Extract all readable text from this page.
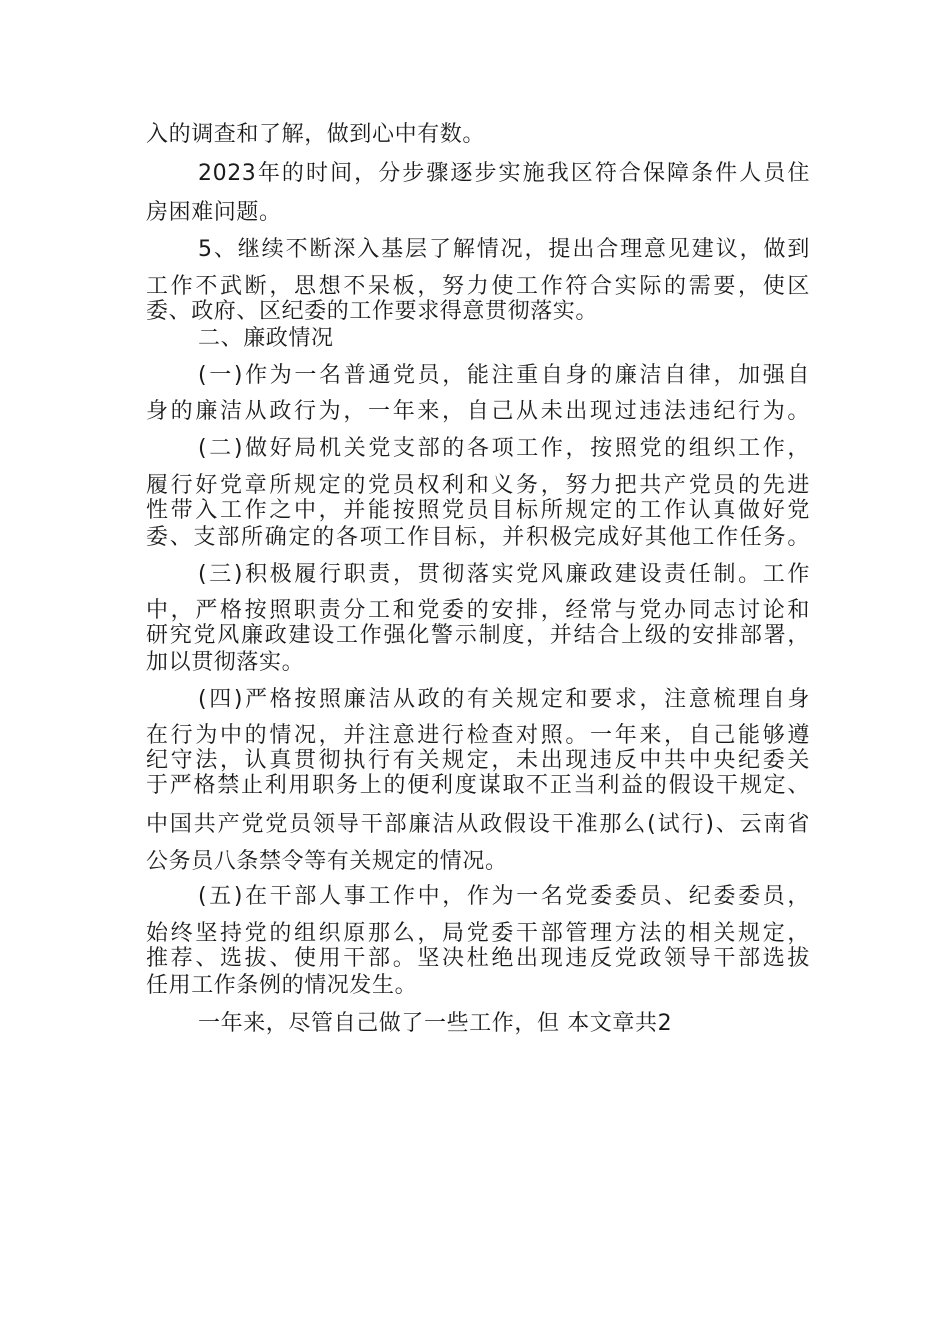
入的调查和了解，做到心中有数。
2023年的时间，分步骤逐步实施我区符合保障条件人员住
房困难问题。
5、继续不断深入基层了解情况，提出合理意见建议，做到
工作不武断，思想不呆板，努力使工作符合实际的需要，使区
委、政府、区纪委的工作要求得意贯彻落实。
二、廉政情况
(一)作为一名普通党员，能注重自身的廉洁自律，加强自
身的廉洁从政行为，一年来，自己从未出现过违法违纪行为。
(二)做好局机关党支部的各项工作，按照党的组织工作，
履行好党章所规定的党员权利和义务，努力把共产党员的先进
性带入工作之中，并能按照党员目标所规定的工作认真做好党
委、支部所确定的各项工作目标，并积极完成好其他工作任务。
(三)积极履行职责，贯彻落实党风廉政建设责任制。工作
中，严格按照职责分工和党委的安排，经常与党办同志讨论和
研究党风廉政建设工作强化警示制度，并结合上级的安排部署，
加以贯彻落实。
(四)严格按照廉洁从政的有关规定和要求，注意梳理自身
在行为中的情况，并注意进行检查对照。一年来，自己能够遵
纪守法，认真贯彻执行有关规定，未出现违反中共中央纪委关
于严格禁止利用职务上的便利度谋取不正当利益的假设干规定、
中国共产党党员领导干部廉洁从政假设干准那么(试行)、云南省
公务员八条禁令等有关规定的情况。
(五)在干部人事工作中，作为一名党委委员、纪委委员，
始终坚持党的组织原那么，局党委干部管理方法的相关规定，
推荐、选拔、使用干部。坚决杜绝出现违反党政领导干部选拔
任用工作条例的情况发生。
一年来，尽管自己做了一些工作，但 本文章共2
